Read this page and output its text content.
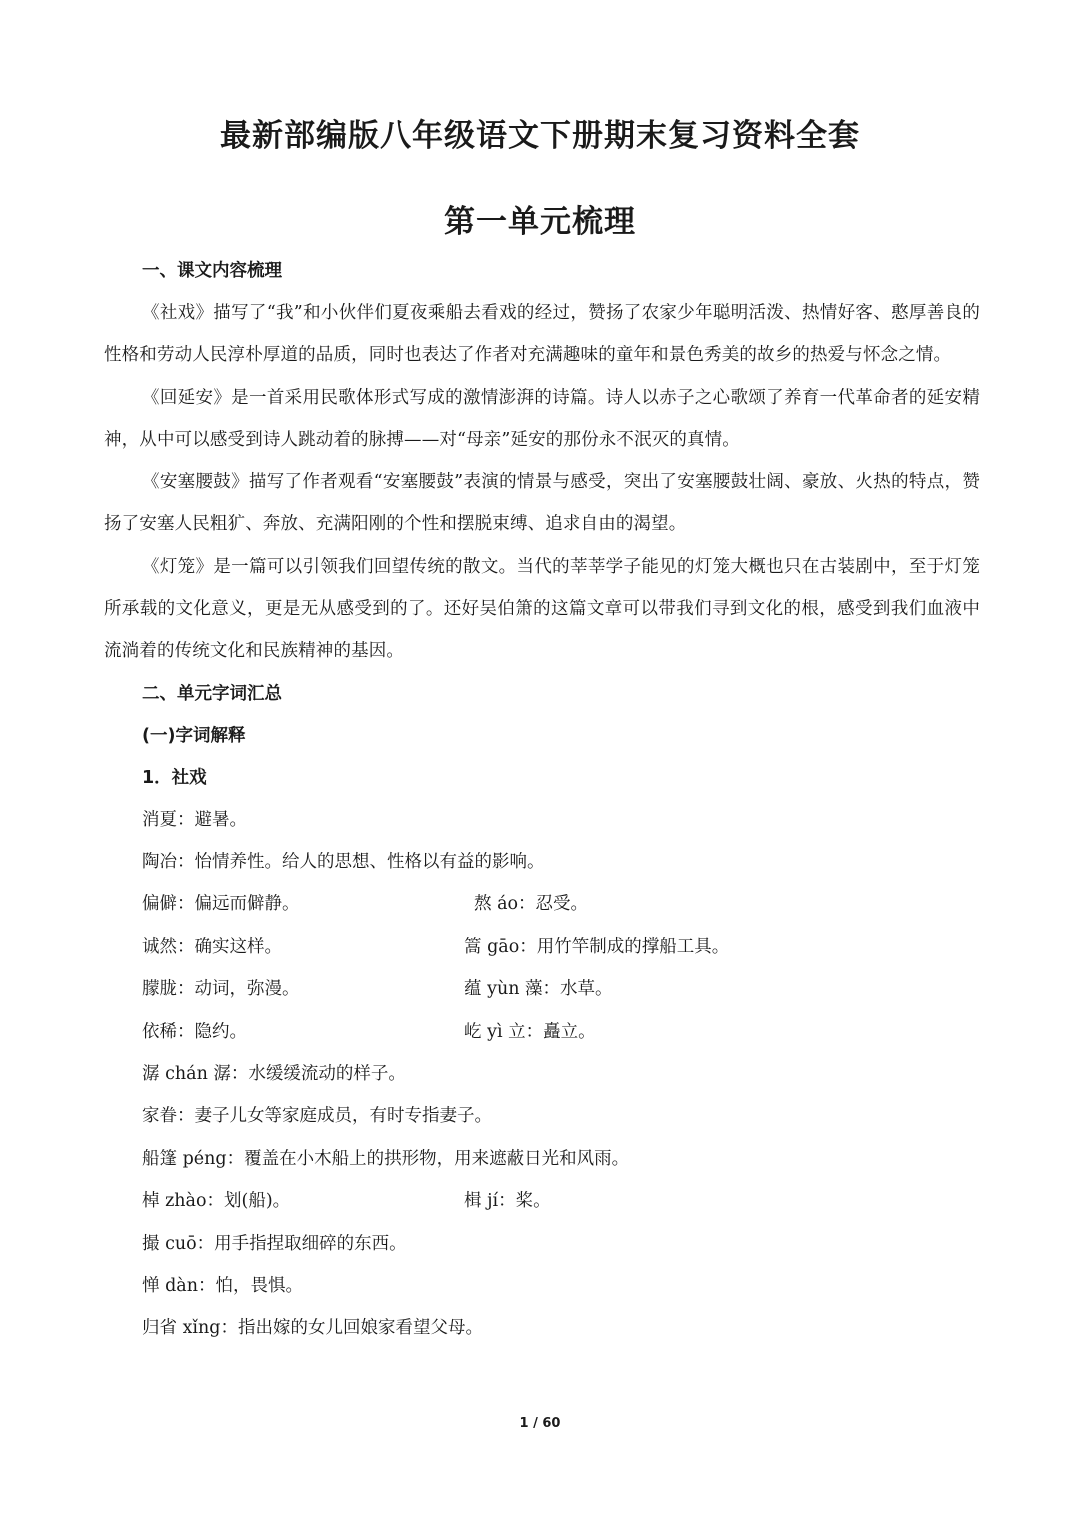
最新部编版八年级语文下册期末复习资料全套
第一单元梳理
一、课文内容梳理

《社戏》描写了“我”和小伙伴们夏夜乘船去看戏的经过，赞扬了农家少年聪明活泼、热情好客、憨厚善良的性格和劳动人民淳朴厚道的品质，同时也表达了作者对充满趣味的童年和景色秀美的故乡的热爱与怀念之情。

《回延安》是一首采用民歌体形式写成的激情澎湃的诗篇。诗人以赤子之心歌颂了养育一代革命者的延安精神，从中可以感受到诗人跳动着的脉搏——对“母亲”延安的那份永不泯灭的真情。

《安塞腰鼓》描写了作者观看“安塞腰鼓”表演的情景与感受，突出了安塞腰鼓壮阔、豪放、火热的特点，赞扬了安塞人民粗犷、奔放、充满阳刚的个性和摆脱束缚、追求自由的渴望。

《灯笼》是一篇可以引领我们回望传统的散文。当代的莘莘学子能见的灯笼大概也只在古装剧中，至于灯笼所承载的文化意义，更是无从感受到的了。还好吴伯箫的这篇文章可以带我们寻到文化的根，感受到我们血液中流淌着的传统文化和民族精神的基因。

二、单元字词汇总
(一)字词解释
1．社戏
消夏：避暑。
陶冶：怡情养性。给人的思想、性格以有益的影响。
偏僻：偏远而僻静。	熬 áo：忍受。
诚然：确实这样。	篙 gāo：用竹竿制成的撑船工具。
朦胧：动词，弥漫。	蕴 yùn 藻：水草。
依稀：隐约。	屹 yì 立：矗立。
潺 chán 潺：水缓缓流动的样子。
家眷：妻子儿女等家庭成员，有时专指妻子。
船篷 péng：覆盖在小木船上的拱形物，用来遮蔽日光和风雨。
棹 zhào：划(船)。	楫 jí：桨。
撮 cuō：用手指捏取细碎的东西。
惮 dàn：怕，畏惧。
归省 xǐng：指出嫁的女儿回娘家看望父母。
1 / 60
